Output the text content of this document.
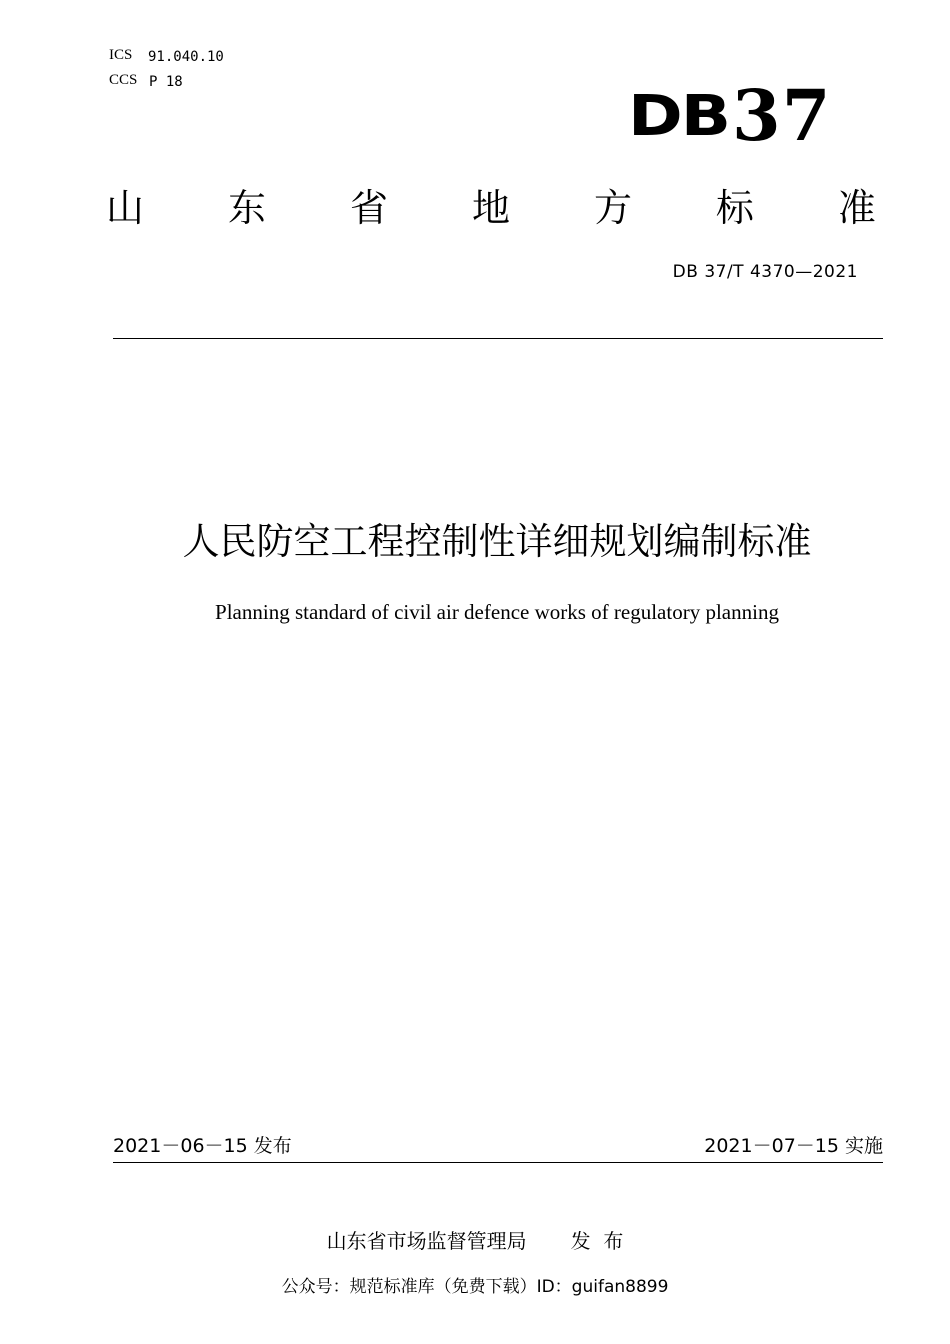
ICS 91.040.10
CCS P 18
DB 37
山 东 省 地 方 标 准
DB 37/T 4370—2021
人民防空工程控制性详细规划编制标准
Planning standard of civil air defence works of regulatory planning
2021－06－15 发布	2021－07－15 实施
山东省市场监督管理局 发  布
公众号：规范标准库（免费下载）ID：guifan8899
